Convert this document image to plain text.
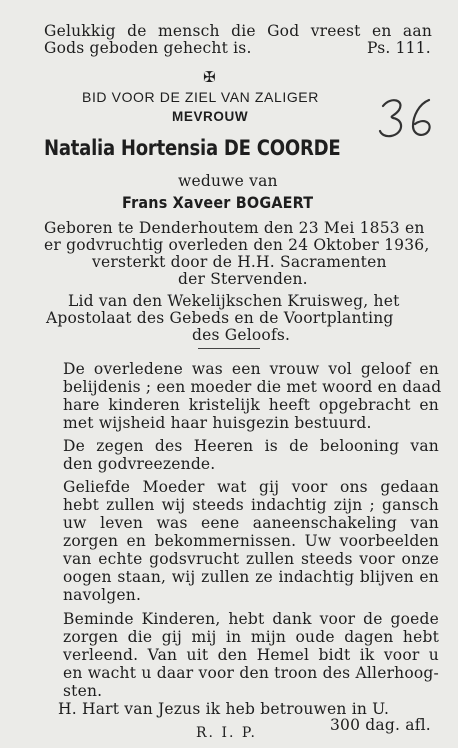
Gelukkig de mensch die God vreest en aan
Gods geboden gehecht is.	Ps. 111.
✠
BID VOOR DE ZIEL VAN ZALIGER
MEVROUW
36
Natalia Hortensia DE COORDE
weduwe van
Frans Xaveer BOGAERT
Geboren te Denderhoutem den 23 Mei 1853 en
er godvruchtig overleden den 24 Oktober 1936,
versterkt door de H.H. Sacramenten
der Stervenden.
Lid van den Wekelijkschen Kruisweg, het
Apostolaat des Gebeds en de Voortplanting
des Geloofs.
De overledene was een vrouw vol geloof en
belijdenis ; een moeder die met woord en daad
hare kinderen kristelijk heeft opgebracht en
met wijsheid haar huisgezin bestuurd.
De zegen des Heeren is de belooning van
den godvreezende.
Geliefde Moeder wat gij voor ons gedaan
hebt zullen wij steeds indachtig zijn ; gansch
uw leven was eene aaneenschakeling van
zorgen en bekommernissen. Uw voorbeelden
van echte godsvrucht zullen steeds voor onze
oogen staan, wij zullen ze indachtig blijven en
navolgen.
Beminde Kinderen, hebt dank voor de goede
zorgen die gij mij in mijn oude dagen hebt
verleend. Van uit den Hemel bidt ik voor u
en wacht u daar voor den troon des Allerhoog-
sten.
H. Hart van Jezus ik heb betrouwen in U.
300 dag. afl.
R. I. P.
